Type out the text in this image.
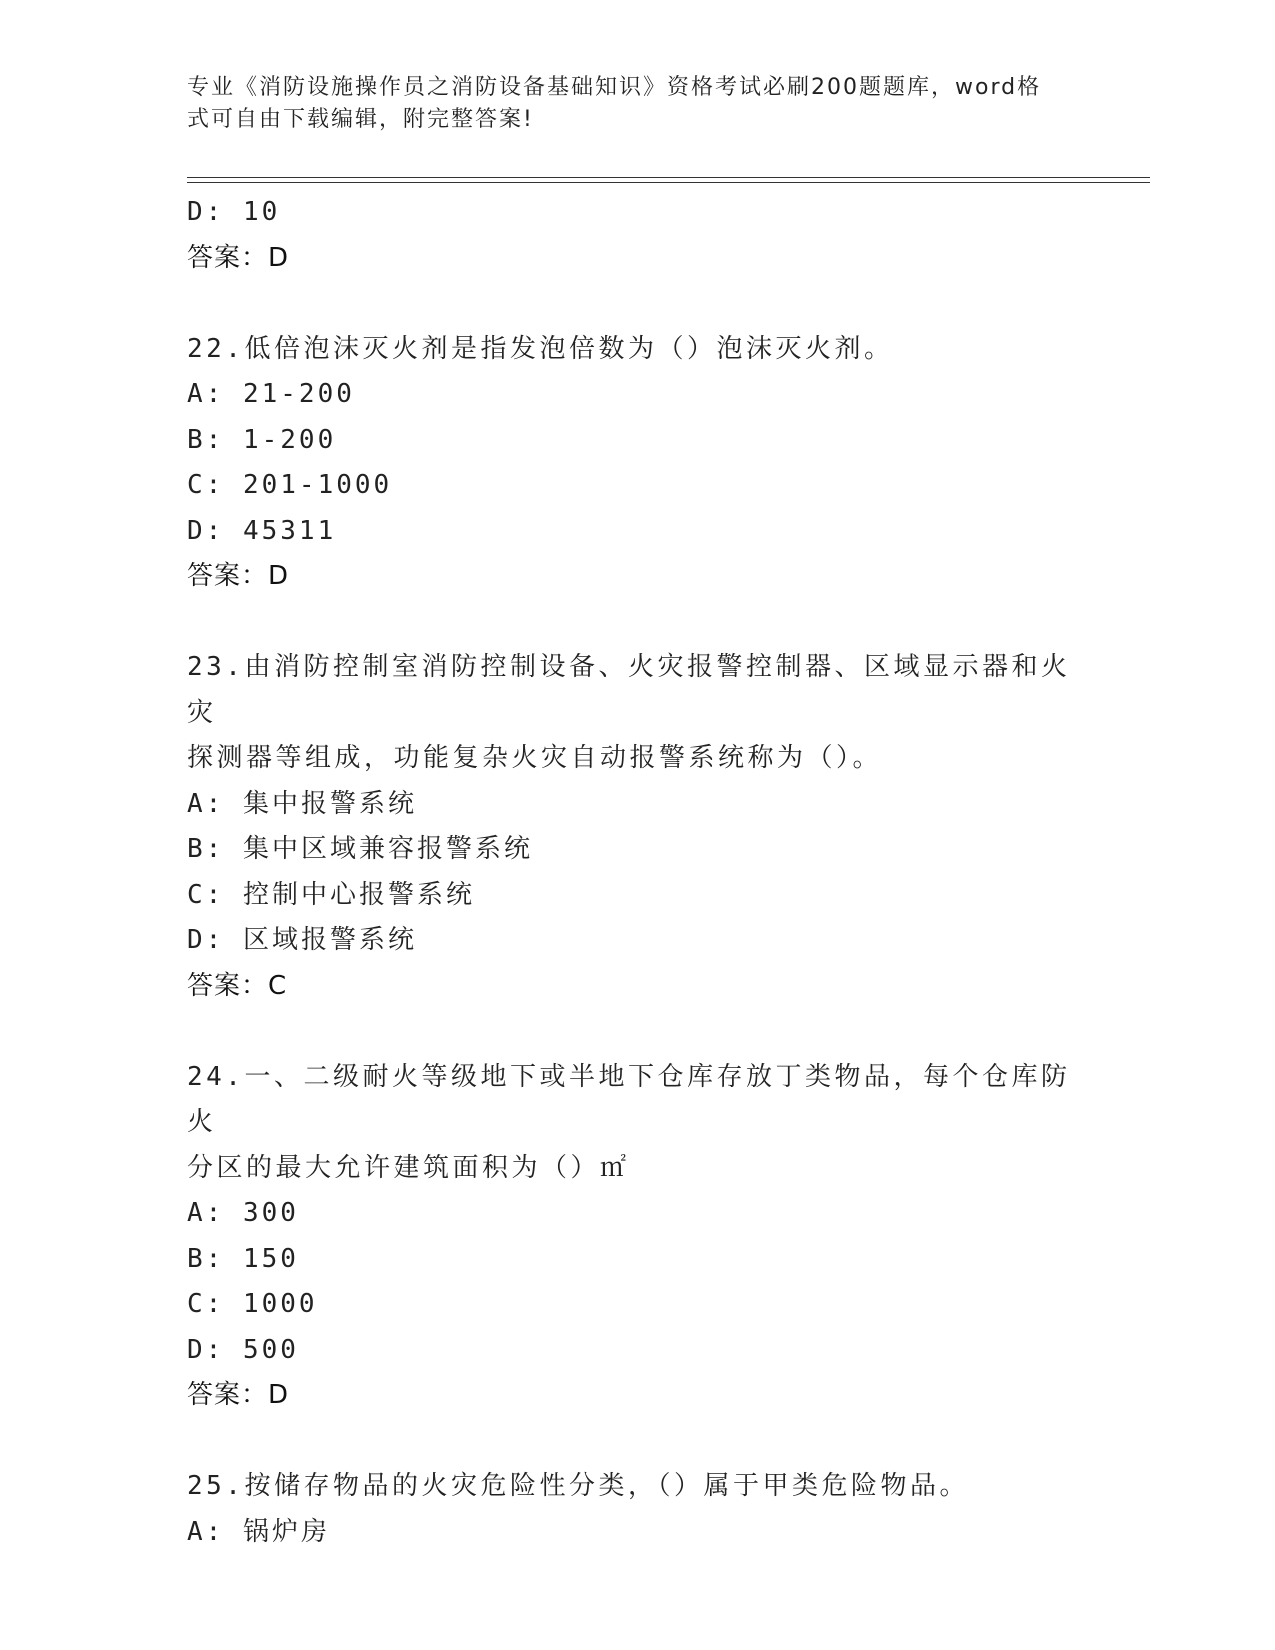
专业《消防设施操作员之消防设备基础知识》资格考试必刷200题题库，word格
式可自由下载编辑，附完整答案!
D: 10
答案：D
22.低倍泡沫灭火剂是指发泡倍数为（）泡沫灭火剂。
A: 21-200
B: 1-200
C: 201-1000
D: 45311
答案：D
23.由消防控制室消防控制设备、火灾报警控制器、区域显示器和火灾
探测器等组成，功能复杂火灾自动报警系统称为（）。
A: 集中报警系统
B: 集中区域兼容报警系统
C: 控制中心报警系统
D: 区域报警系统
答案：C
24.一、二级耐火等级地下或半地下仓库存放丁类物品，每个仓库防火
分区的最大允许建筑面积为（）㎡
A: 300
B: 150
C: 1000
D: 500
答案：D
25.按储存物品的火灾危险性分类，（）属于甲类危险物品。
A: 锅炉房
